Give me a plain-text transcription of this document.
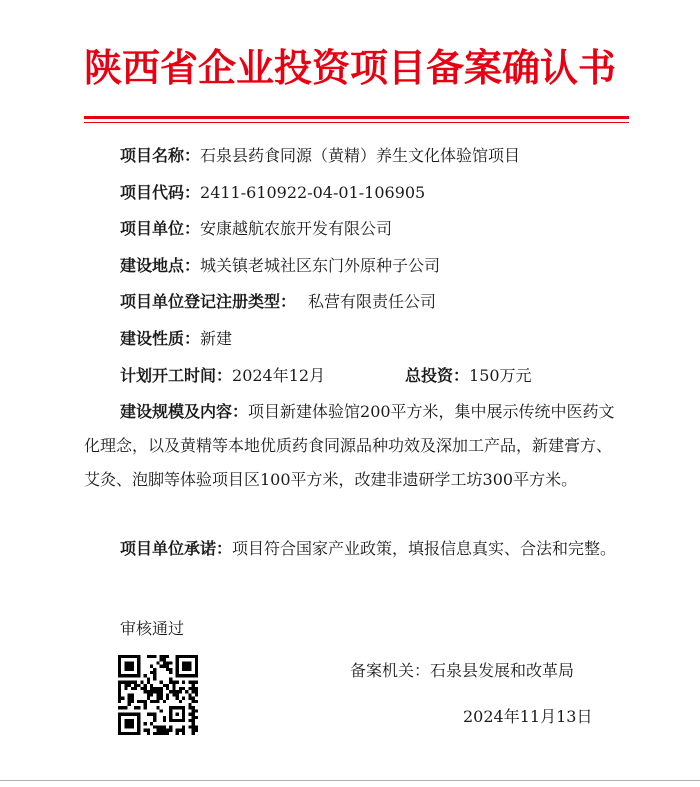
陕西省企业投资项目备案确认书
项目名称：石泉县药食同源（黄精）养生文化体验馆项目
项目代码：2411-610922-04-01-106905
项目单位：安康越航农旅开发有限公司
建设地点：城关镇老城社区东门外原种子公司
项目单位登记注册类型： 私营有限责任公司
建设性质：新建
计划开工时间：2024年12月	总投资：150万元
建设规模及内容：项目新建体验馆200平方米，集中展示传统中医药文化理念，以及黄精等本地优质药食同源品种功效及深加工产品，新建膏方、艾灸、泡脚等体验项目区100平方米，改建非遗研学工坊300平方米。
项目单位承诺：项目符合国家产业政策，填报信息真实、合法和完整。
审核通过
备案机关：石泉县发展和改革局
2024年11月13日
